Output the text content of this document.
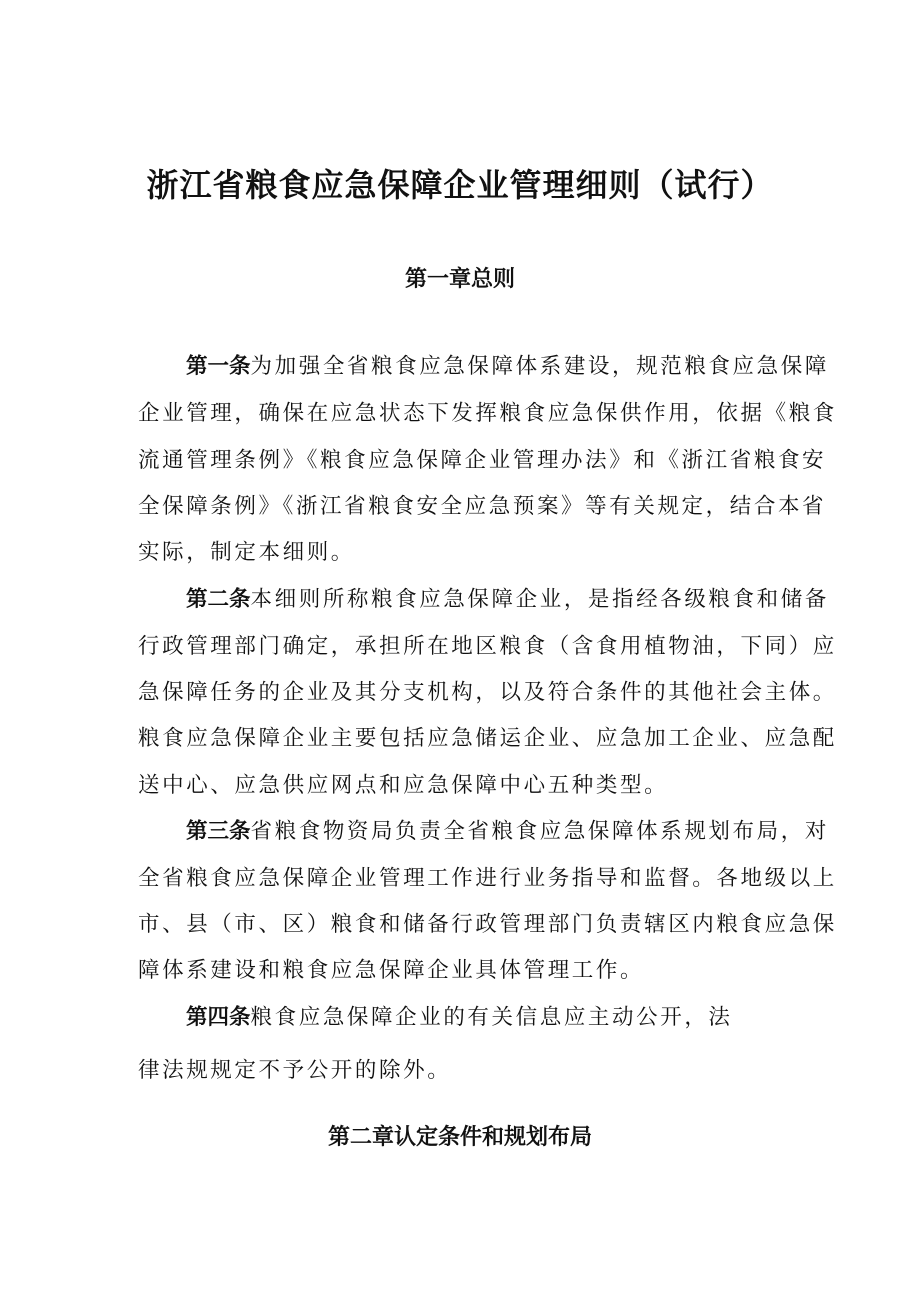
浙江省粮食应急保障企业管理细则（试行）
第一章总则

第一条为加强全省粮食应急保障体系建设，规范粮食应急保障

企业管理，确保在应急状态下发挥粮食应急保供作用，依据《粮食

流通管理条例》《粮食应急保障企业管理办法》和《浙江省粮食安

全保障条例》《浙江省粮食安全应急预案》等有关规定，结合本省

实际，制定本细则。

第二条本细则所称粮食应急保障企业，是指经各级粮食和储备

行政管理部门确定，承担所在地区粮食（含食用植物油，下同）应

急保障任务的企业及其分支机构，以及符合条件的其他社会主体。

粮食应急保障企业主要包括应急储运企业、应急加工企业、应急配

送中心、应急供应网点和应急保障中心五种类型。

第三条省粮食物资局负责全省粮食应急保障体系规划布局，对

全省粮食应急保障企业管理工作进行业务指导和监督。各地级以上

市、县（市、区）粮食和储备行政管理部门负责辖区内粮食应急保

障体系建设和粮食应急保障企业具体管理工作。

第四条粮食应急保障企业的有关信息应主动公开，法

律法规规定不予公开的除外。

第二章认定条件和规划布局
